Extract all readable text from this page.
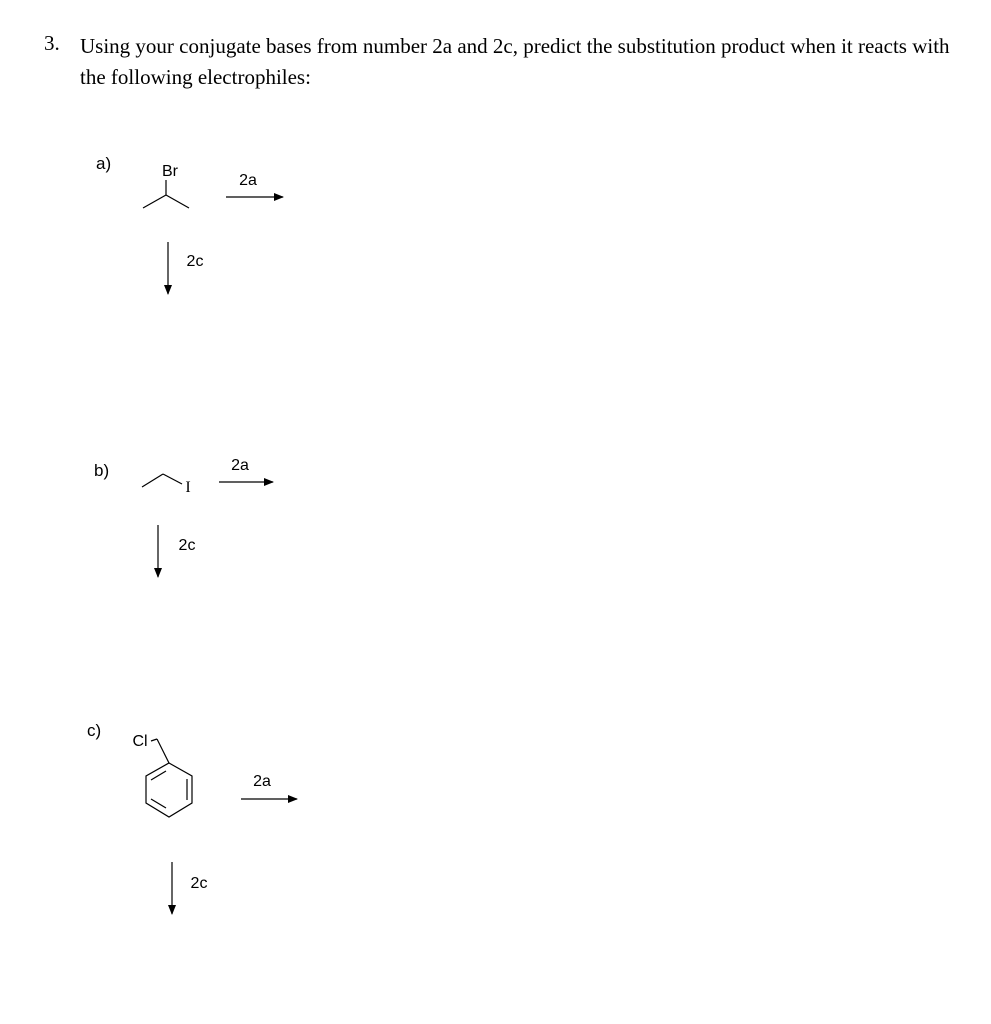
3. Using your conjugate bases from number 2a and 2c, predict the substitution product when it reacts with the following electrophiles:
a)
b)
c)
Br
2a
2c
I
2a
2c
Cl
2a
2c
